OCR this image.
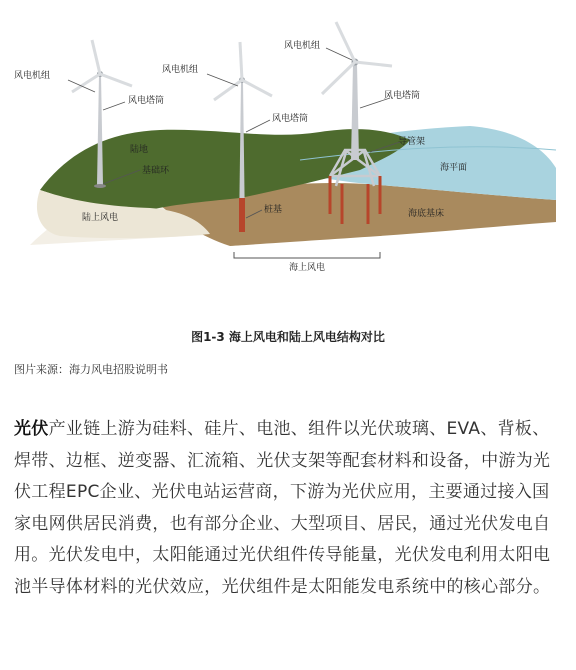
风电机组
风电塔筒
陆地
基础环
陆上风电
风电机组
风电塔筒
桩基
风电机组
风电塔筒
导管架
海平面
海底基床
海上风电
图1-3 海上风电和陆上风电结构对比
图片来源：海力风电招股说明书

光伏产业链上游为硅料、硅片、电池、组件以光伏玻璃、EVA、背板、焊带、边框、逆变器、汇流箱、光伏支架等配套材料和设备，中游为光伏工程EPC企业、光伏电站运营商，下游为光伏应用，主要通过接入国家电网供居民消费，也有部分企业、大型项目、居民，通过光伏发电自用。光伏发电中，太阳能通过光伏组件传导能量，光伏发电利用太阳电池半导体材料的光伏效应，光伏组件是太阳能发电系统中的核心部分。
